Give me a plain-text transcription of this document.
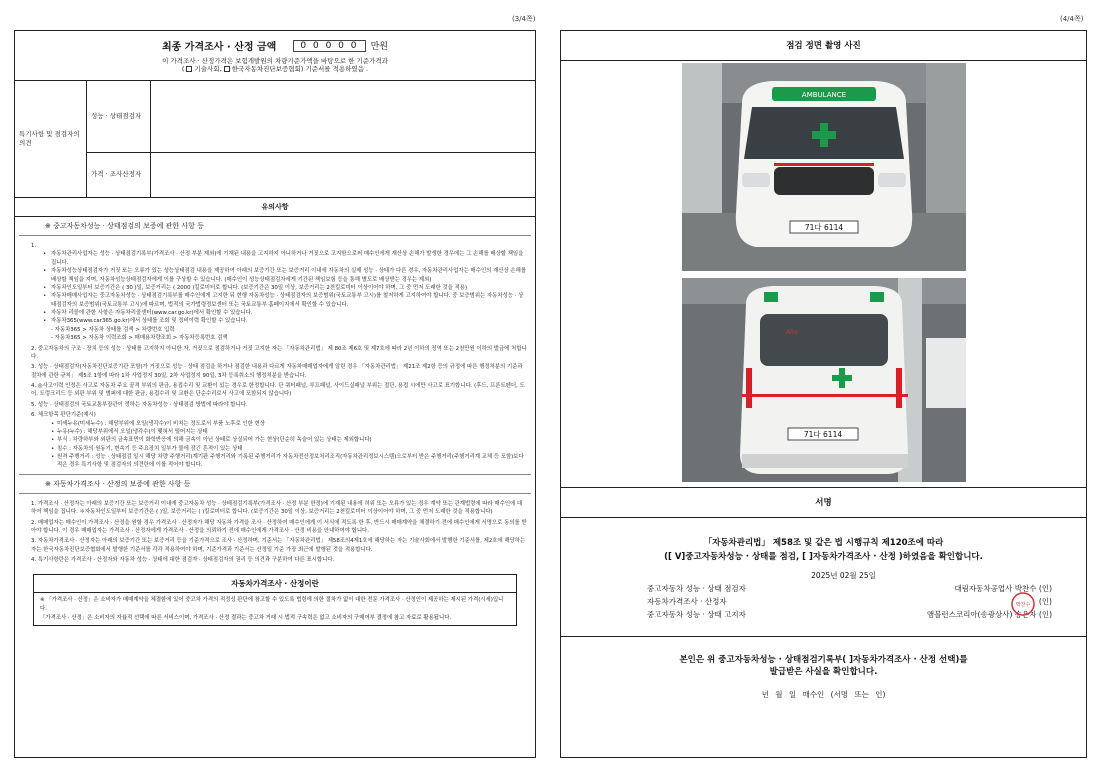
(3/4쪽)	(4/4쪽)
최종 가격조사 · 산정 금액	0 0 0 0 0 만원
이 가격조사 · 산정가격은 보험개발원의 차량기준가액을 바탕으로 한 기준가격과
( 기술사회, 한국자동차진단보증협회) 기준서를 적용하였음 .
특기사항 및 점검자의 의견
성능 · 상태점검자
가격 · 조사산정자
유의사항
※ 중고자동차성능 · 상태점검의 보증에 관한 사항 등
1.
• 자동차관리사업자는 성능 · 상태점검기록부(가격조사 · 산정 부분 제외)에 기재된 내용을 고지하지 아니하거나 거짓으로 고지함으로써 매수인에게 재산상 손해가 발생한 경우에는 그 손해를 배상할 책임을 집니다.
• 자동차성능상태점검자가 거짓 또는 오류가 있는 성능상태점검 내용을 제공하여 아래의 보증기간 또는 보증거리 이내에 자동차의 실제 성능 · 상태가 다른 경우, 자동차관리사업자는 매수인의 재산상 손해를 배상할 책임을 지며, 자동차성능상태점검자에게 이를 구상할 수 있습니다. (매수인이 성능상태점검자에게 기간된 책임보험 등을 통해 별도로 배상받는 경우는 제외)
• 자동차인도일부터 보증기간은 ( 30 )일, 보증거리는 ( 2000 )킬로미터로 합니다. (보증기간은 30일 이상, 보증거리는 2천킬로미터 이상이어야 하며, 그 중 먼저 도래한 것을 적용)
• 자동차매매사업자는 중고자동차성능 · 상태점검기록부를 매수인에게 고지한 뒤 현행 자동차성능 · 상태점검자의 보증범위(국토교통부 고시)를 철저하게 고지하여야 합니다. 중 보증범위는 자동차성능 · 상태점검자의 보증범위(국토교통부 고시)에 따르며, 법적의 국가법령정보센터 또는 국토교통부 홈페이지에서 확인할 수 있습니다.
• 자동차 리콜에 관한 사항은 자동차리콜센터(www.car.go.kr)에서 확인할 수 있습니다.
• 자동차365(www.car365.go.kr)에서 상태를 조회 및 정비이력 확인할 수 있습니다.
- 자동차365 > 자동차 상태를 검색 > 차량번호 입력
- 자동차365 > 자동차 이력조회 > 매매용차량조회 > 자동차등록번호 검색
2. 중고자동차의 구조 · 장치 등의 성능 · 상태를 고지하지 아니한 자, 거짓으로 점검하거나 거짓 고지한 자는 「자동차관리법」 제 80조 제6호 및 제7호에 따라 2년 이하의 징역 또는 2천만원 이하의 벌금에 처합니다.
3. 성능 · 상태점검자(자동차진단보증기관 포함)가 거짓으로 성능 · 상태 점검을 하거나 점검한 내용과 다르게 자동차매매업자에게 알린 경우 「자동차관리법」 제21조 제2항 등의 규정에 따른 행정처분의 기준과 절차에 관한 규칙」 제5조 1항에 따라 1차 사업정지 30일, 2차 사업정지 90일, 3차 등록취소의 행정처분을 받습니다.
4. ◎사고이력 인정은 사고로 자동차 주요 골격 부위의 판금, 용접수리 및 교환이 있는 경우로 한정합니다. 단 쿼터패널, 루프패널, 사이드실패널 부위는 절단, 용접 시에만 사고로 표기합니다. (후드, 프론트펜더, 도어, 트렁크리드 등 외판 부위 및 범퍼에 대한 판금, 용접수리 및 교환은 단순수리로서 사고에 포함되지 않습니다)
5. 성능 · 상태점검의 국토교통부장관이 정하는 자동차성능 · 상태점검 방법에 따라야 합니다.
6. 체크항목 판단기준(예시)
• 미세누유(미세누수) : 해당부위에 오일(냉각수)이 비치는 정도로서 부품 노후로 인한 현상
• 누유(누수) : 해당부위에서 오일(냉각수)이 맺혀서 떨어지는 상태
• 부식 : 차량하부와 외판의 금속표면이 화학반응에 의해 금속이 아닌 상태로 상실되어 가는 현상(단순히 녹슬어 있는 상태는 제외합니다)
• 침수 : 자동차의 원동기, 변속기 등 주요장치 일부가 물에 잠긴 흔적이 있는 상태
• 원격 주행거리 : 성능 · 상태점검 일시 해당 차량 주행거리(계기판 주행거리와 기록된 주행거리가 자동차전산정보처리조직(자동차관리정보시스템)으로부터 받은 주행거리(주행거리계 교체 등 포함)보다 적은 경우 특기사항 및 점검자의 의견란에 이를 적어야 합니다.
※ 자동차가격조사 · 산정의 보증에 관한 사항 등
1. 가격조사 · 산정자는 아래의 보증기간 또는 보증거리 이내에 중고자동차 성능 · 상태점검기록부(가격조사 · 산정 부분 한정)에 기재된 내용에 허위 또는 오류가 있는 경우 계약 또는 관계법령에 따라 매수인에 대하여 책임을 집니다. ＊자동차인도일부터 보증기간은 ( )일, 보증거리는 ( )킬로미터로 합니다. (보증기간은 30일 이상, 보증거리는 2천킬로미터 이상이어야 하며, 그 중 먼저 도래한 것을 적용합니다)
2. 매매업자는 매수인이 가격조사 · 산정을 원할 경우 가격조사 · 산정자가 해당 자동차 가격을 조사 · 산정하여 매수인에게 이 서식에 적도록 한 후, 반드시 매매계약을 체결하기 전에 매수인에게 서명으로 동의를 받아야 합니다. 이 경우 매매업자는 가격조사 · 산정자에게 가격조사 · 산정을 의뢰하기 전에 매수인에게 가격조사 · 산정 비용을 안내하여야 합니다.
3. 자동차가격조사 · 산정자는 아래의 보증기간 또는 보증거리 등을 기준가격으로 조사 · 산정하며, 기준서는 「자동차관리법」 제58조의4제1호에 해당하는 자는 기술사회에서 발행한 기준서를, 제2호에 해당하는 자는 한국자동차진단보증협회에서 발행한 기준서를 각각 적용하여야 하며, 기준가격과 기준서는 산정일 기준 가장 최근에 발행된 것을 적용합니다.
4. 특기사항란은 가격조사 · 산정자와 자동차 성능 · 상태에 대한 점검자 · 상태점검자의 권리 등 의견과 구분하여 다른 표시합니다.
자동차가격조사 · 산정이란
※ 「가격조사 · 산정」은 소비자가 매매계약을 체결함에 있어 중고차 가격의 적정성 판단에 참고할 수 있도록 법령에 의한 절차가 없이 대한 전문 가격조사 · 산정인이 제공하는 제시된 가격(시세)입니다.
「가격조사 · 산정」은 소비자의 자율적 선택에 따른 서비스이며, 가격조사 · 산정 결과는 중고차 거래 시 법적 구속력은 없고 소비자의 구매여부 결정에 참고 자료로 활용됩니다.
점검 정면 촬영 사진
AMBULANCE
71다 6114
Allo
71다 6114
서명
「자동차관리법」 제58조 및 같은 법 시행규칙 제120조에 따라
([ V]중고자동차성능 · 상태를 점검, [ ]자동차가격조사 · 산정 )하였음을 확인합니다.
2025년 02월 25일
중고자동차 성능 · 상태 점검자	대림자동차공업사 박찬수 (인)
자동차가격조사 · 산정자	(인)
중고자동차 성능 · 상태 고지자	앰블런스코리아(송광상사) 송은자 (인)
본인은 위 중고자동차성능 · 상태점검기록부( ]자동차가격조사 · 산정 선택)를
발급받은 사실을 확인합니다.
년 월 일 매수인 (서명 또는 인)
박찬수
